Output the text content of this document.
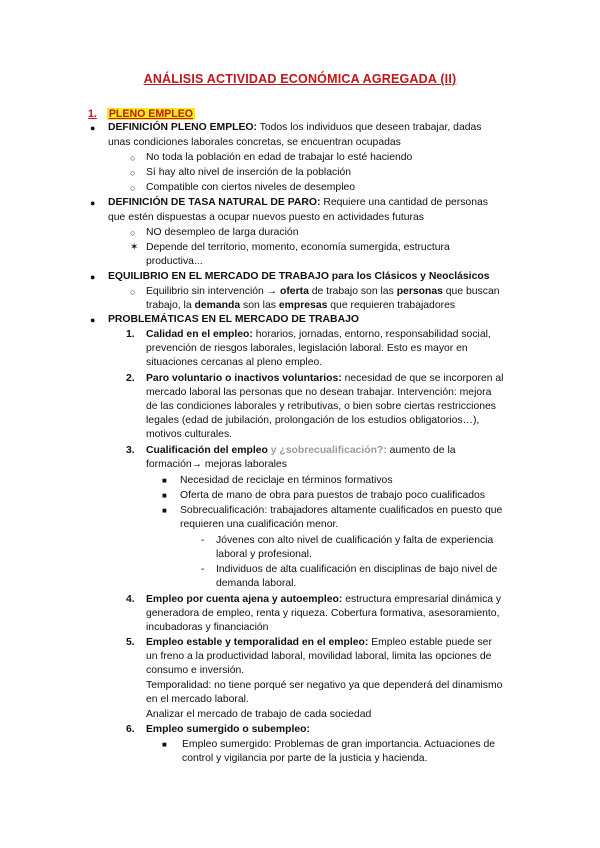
ANÁLISIS ACTIVIDAD ECONÓMICA AGREGADA (II)
1. PLENO EMPLEO
● DEFINICIÓN PLENO EMPLEO: Todos los individuos que deseen trabajar, dadas
unas condiciones laborales concretas, se encuentran ocupadas
○ No toda la población en edad de trabajar lo esté haciendo
○ Sí hay alto nivel de inserción de la población
○ Compatible con ciertos niveles de desempleo
● DEFINICIÓN DE TASA NATURAL DE PARO: Requiere una cantidad de personas
que estén dispuestas a ocupar nuevos puesto en actividades futuras
○ NO desempleo de larga duración
✶ Depende del territorio, momento, economía sumergida, estructura
productiva...
● EQUILIBRIO EN EL MERCADO DE TRABAJO para los Clásicos y Neoclásicos
○ Equilibrio sin intervención → oferta de trabajo son las personas que buscan
trabajo, la demanda son las empresas que requieren trabajadores
● PROBLEMÁTICAS EN EL MERCADO DE TRABAJO
1. Calidad en el empleo: horarios, jornadas, entorno, responsabilidad social,
prevención de riesgos laborales, legislación laboral. Esto es mayor en
situaciones cercanas al pleno empleo.
2. Paro voluntario o inactivos voluntarios: necesidad de que se incorporen al
mercado laboral las personas que no desean trabajar. Intervención: mejora
de las condiciones laborales y retributivas, o bien sobre ciertas restricciones
legales (edad de jubilación, prolongación de los estudios obligatorios…),
motivos culturales.
3. Cualificación del empleo y ¿sobrecualificación?: aumento de la
formación→ mejoras laborales
■ Necesidad de reciclaje en términos formativos
■ Oferta de mano de obra para puestos de trabajo poco cualificados
■ Sobrecualificación: trabajadores altamente cualificados en puesto que
requieren una cualificación menor.
- Jóvenes con alto nivel de cualificación y falta de experiencia
laboral y profesional.
- Individuos de alta cualificación en disciplinas de bajo nivel de
demanda laboral.
4. Empleo por cuenta ajena y autoempleo: estructura empresarial dinámica y
generadora de empleo, renta y riqueza. Cobertura formativa, asesoramiento,
incubadoras y financiación
5. Empleo estable y temporalidad en el empleo: Empleo estable puede ser
un freno a la productividad laboral, movilidad laboral, limita las opciones de
consumo e inversión.
Temporalidad: no tiene porqué ser negativo ya que dependerá del dinamismo
en el mercado laboral.
Analizar el mercado de trabajo de cada sociedad
6. Empleo sumergido o subempleo:
■ Empleo sumergido: Problemas de gran importancia. Actuaciones de
control y vigilancia por parte de la justicia y hacienda.
